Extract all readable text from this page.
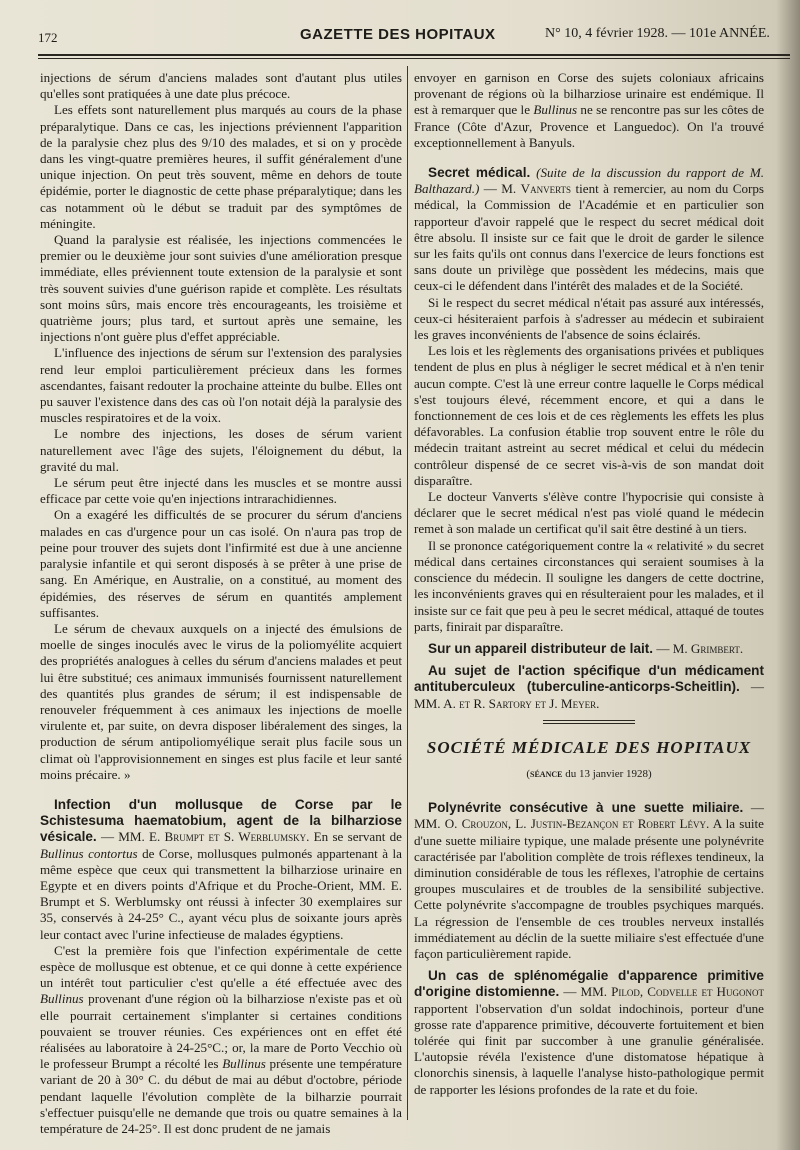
172	GAZETTE DES HOPITAUX	N° 10, 4 février 1928. — 101e ANNÉE.

injections de sérum d'anciens malades sont d'autant plus utiles qu'elles sont pratiquées à une date plus précoce.

Les effets sont naturellement plus marqués au cours de la phase préparalytique. Dans ce cas, les injections préviennent l'apparition de la paralysie chez plus des 9/10 des malades, et si on y procède dans les vingt-quatre premières heures, il suffit généralement d'une unique injection. On peut très souvent, même en dehors de toute épidémie, porter le diagnostic de cette phase préparalytique; dans les cas notamment où le début se traduit par des symptômes de méningite.

Quand la paralysie est réalisée, les injections commencées le premier ou le deuxième jour sont suivies d'une amélioration presque immédiate, elles préviennent toute extension de la paralysie et sont très souvent suivies d'une guérison rapide et complète. Les résultats sont moins sûrs, mais encore très encourageants, les troisième et quatrième jours; plus tard, et surtout après une semaine, les injections n'ont guère plus d'effet appréciable.

L'influence des injections de sérum sur l'extension des paralysies rend leur emploi particulièrement précieux dans les formes ascendantes, faisant redouter la prochaine atteinte du bulbe. Elles ont pu sauver l'existence dans des cas où l'on notait déjà la paralysie des muscles respiratoires et de la voix.

Le nombre des injections, les doses de sérum varient naturellement avec l'âge des sujets, l'éloignement du début, la gravité du mal.

Le sérum peut être injecté dans les muscles et se montre aussi efficace par cette voie qu'en injections intrarachidiennes.

On a exagéré les difficultés de se procurer du sérum d'anciens malades en cas d'urgence pour un cas isolé. On n'aura pas trop de peine pour trouver des sujets dont l'infirmité est due à une ancienne paralysie infantile et qui seront disposés à se prêter à une prise de sang. En Amérique, en Australie, on a constitué, au moment des épidémies, des réserves de sérum en quantités amplement suffisantes.

Le sérum de chevaux auxquels on a injecté des émulsions de moelle de singes inoculés avec le virus de la poliomyélite acquiert des propriétés analogues à celles du sérum d'anciens malades et peut lui être substitué; ces animaux immunisés fournissent naturellement des quantités plus grandes de sérum; il est indispensable de renouveler fréquemment à ces animaux les injections de moelle virulente et, par suite, on devra disposer libéralement des singes, la production de sérum antipoliomyélique serait plus facile sous un climat où l'approvisionnement en singes est plus facile et leur santé moins précaire. »

Infection d'un mollusque de Corse par le Schistesuma haematobium, agent de la bilharziose vésicale. — MM. E. Brumpt et S. Werblumsky. En se servant de Bullinus contortus de Corse, mollusques pulmonés appartenant à la même espèce que ceux qui transmettent la bilharziose urinaire en Egypte et en divers points d'Afrique et du Proche-Orient, MM. E. Brumpt et S. Werblumsky ont réussi à infecter 30 exemplaires sur 35, conservés à 24-25° C., ayant vécu plus de soixante jours après leur contact avec l'urine infectieuse de malades égyptiens.

C'est la première fois que l'infection expérimentale de cette espèce de mollusque est obtenue, et ce qui donne à cette expérience un intérêt tout particulier c'est qu'elle a été effectuée avec des Bullinus provenant d'une région où la bilharziose n'existe pas et où elle pourrait certainement s'implanter si certaines conditions pouvaient se trouver réunies. Ces expériences ont en effet été réalisées au laboratoire à 24-25°C.; or, la mare de Porto Vecchio où le professeur Brumpt a récolté les Bullinus présente une température variant de 20 à 30° C. du début de mai au début d'octobre, période pendant laquelle l'évolution complète de la bilharzie pourrait s'effectuer puisqu'elle ne demande que trois ou quatre semaines à la température de 24-25°. Il est donc prudent de ne jamais

envoyer en garnison en Corse des sujets coloniaux africains provenant de régions où la bilharziose urinaire est endémique. Il est à remarquer que le Bullinus ne se rencontre pas sur les côtes de France (Côte d'Azur, Provence et Languedoc). On l'a trouvé exceptionnellement à Banyuls.

Secret médical. (Suite de la discussion du rapport de M. Balthazard.) — M. Vanverts tient à remercier, au nom du Corps médical, la Commission de l'Académie et en particulier son rapporteur d'avoir rappelé que le respect du secret médical doit être absolu. Il insiste sur ce fait que le droit de garder le silence sur les faits qu'ils ont connus dans l'exercice de leurs fonctions est sans doute un privilège que possèdent les médecins, mais que ceux-ci le défendent dans l'intérêt des malades et de la Société.

Si le respect du secret médical n'était pas assuré aux intéressés, ceux-ci hésiteraient parfois à s'adresser au médecin et subiraient les graves inconvénients de l'absence de soins éclairés.

Les lois et les règlements des organisations privées et publiques tendent de plus en plus à négliger le secret médical et à n'en tenir aucun compte. C'est là une erreur contre laquelle le Corps médical s'est toujours élevé, récemment encore, et qui a dans le fonctionnement de ces lois et de ces règlements les effets les plus défavorables. La confusion établie trop souvent entre le rôle du médecin traitant astreint au secret médical et celui du médecin contrôleur dispensé de ce secret vis-à-vis de son mandat doit disparaître.

Le docteur Vanverts s'élève contre l'hypocrisie qui consiste à déclarer que le secret médical n'est pas violé quand le médecin remet à son malade un certificat qu'il sait être destiné à un tiers.

Il se prononce catégoriquement contre la « relativité » du secret médical dans certaines circonstances qui seraient soumises à la conscience du médecin. Il souligne les dangers de cette doctrine, les inconvénients graves qui en résulteraient pour les malades, et il insiste sur ce fait que peu à peu le secret médical, attaqué de toutes parts, finirait par disparaître.

Sur un appareil distributeur de lait. — M. Grimbert.

Au sujet de l'action spécifique d'un médicament antituberculeux (tuberculine-anticorps-Scheitlin). — MM. A. et R. Sartory et J. Meyer.

SOCIÉTÉ MÉDICALE DES HOPITAUX
(séance du 13 janvier 1928)

Polynévrite consécutive à une suette miliaire. — MM. O. Crouzon, L. Justin-Bezançon et Robert Lévy. A la suite d'une suette miliaire typique, une malade présente une polynévrite caractérisée par l'abolition complète de trois réflexes tendineux, la diminution considérable de tous les réflexes, l'atrophie de certains groupes musculaires et de troubles de la sensibilité subjective. Cette polynévrite s'accompagne de troubles psychiques marqués. La régression de l'ensemble de ces troubles nerveux installés immédiatement au déclin de la suette miliaire s'est effectuée d'une façon particulièrement rapide.

Un cas de splénomégalie d'apparence primitive d'origine distomienne. — MM. Pilod, Codvelle et Hugonot rapportent l'observation d'un soldat indochinois, porteur d'une grosse rate d'apparence primitive, découverte fortuitement et bien tolérée qui finit par succomber à une granulie généralisée. L'autopsie révéla l'existence d'une distomatose hépatique à clonorchis sinensis, à laquelle l'analyse histo-pathologique permit de rapporter les lésions profondes de la rate et du foie.
